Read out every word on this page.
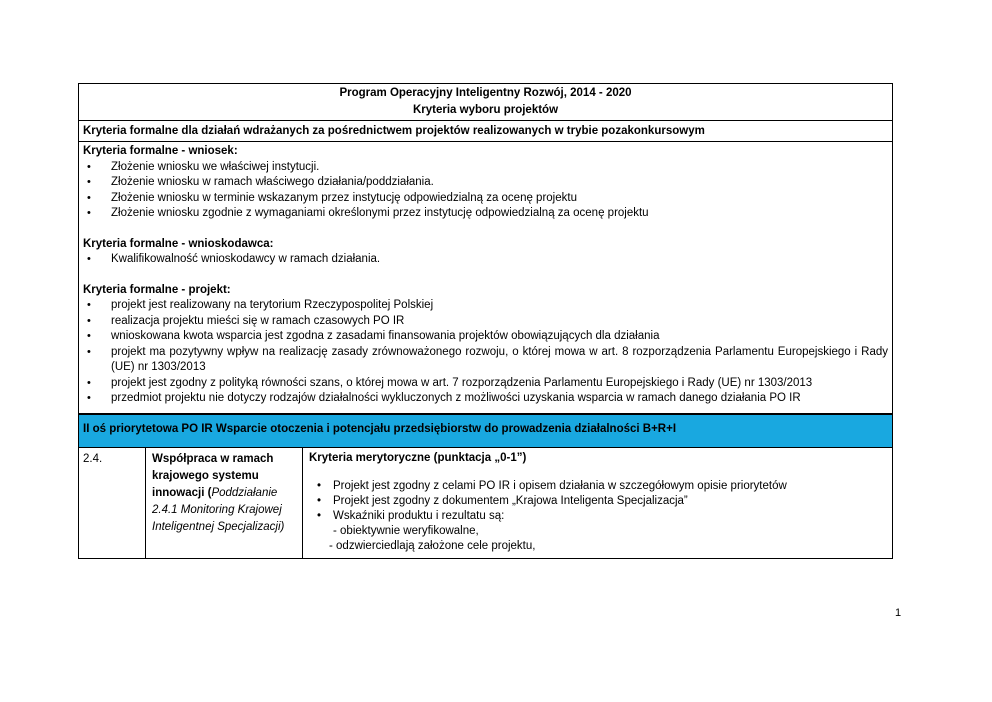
Program Operacyjny Inteligentny Rozwój, 2014 - 2020
Kryteria wyboru projektów
Kryteria formalne dla działań wdrażanych za pośrednictwem projektów realizowanych w trybie pozakonkursowym
Kryteria formalne - wniosek:
• Złożenie wniosku we właściwej instytucji.
• Złożenie wniosku w ramach właściwego działania/poddziałania.
• Złożenie wniosku w terminie wskazanym przez instytucję odpowiedzialną za ocenę projektu
• Złożenie wniosku zgodnie z wymaganiami określonymi przez instytucję odpowiedzialną za ocenę projektu
Kryteria formalne - wnioskodawca:
• Kwalifikowalność wnioskodawcy w ramach działania.
Kryteria formalne - projekt:
• projekt jest realizowany na terytorium Rzeczypospolitej Polskiej
• realizacja projektu mieści się w ramach czasowych PO IR
• wnioskowana kwota wsparcia jest zgodna z zasadami finansowania projektów obowiązujących dla działania
• projekt ma pozytywny wpływ na realizację zasady zrównoważonego rozwoju, o której mowa w art. 8 rozporządzenia Parlamentu Europejskiego i Rady (UE) nr 1303/2013
• projekt jest zgodny z polityką równości szans, o której mowa w art. 7 rozporządzenia Parlamentu Europejskiego i Rady (UE) nr 1303/2013
• przedmiot projektu nie dotyczy rodzajów działalności wykluczonych z możliwości uzyskania wsparcia w ramach danego działania PO IR
II oś priorytetowa PO IR Wsparcie otoczenia i potencjału przedsiębiorstw do prowadzenia działalności B+R+I
2.4.	Współpraca w ramach krajowego systemu innowacji (Poddziałanie 2.4.1 Monitoring Krajowej Inteligentnej Specjalizacji)
Kryteria merytoryczne (punktacja „0-1”)
• Projekt jest zgodny z celami PO IR i opisem działania w szczegółowym opisie priorytetów
• Projekt jest zgodny z dokumentem „Krajowa Inteligenta Specjalizacja”
• Wskaźniki produktu i rezultatu są:
- obiektywnie weryfikowalne,
- odzwierciedlają założone cele projektu,
1
